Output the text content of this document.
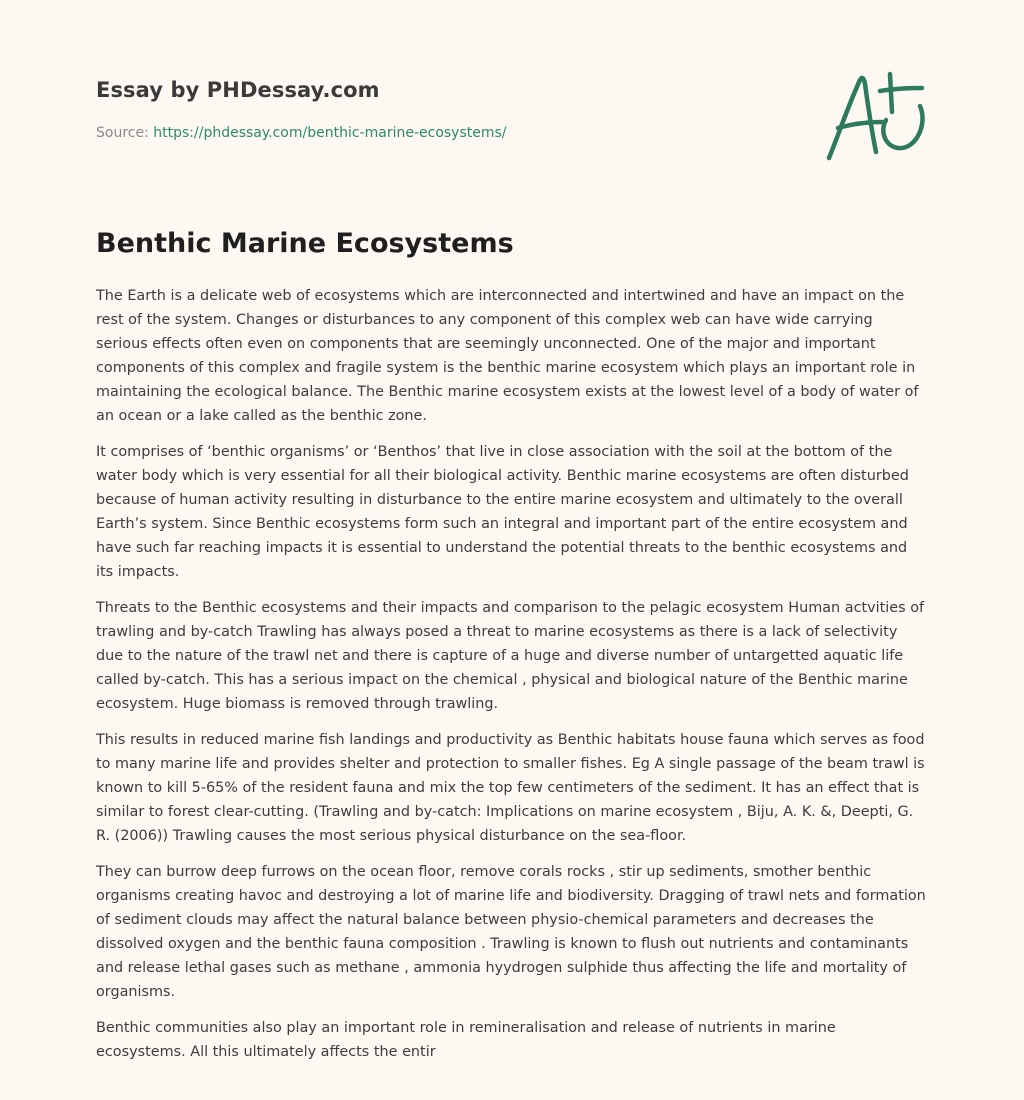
Essay by PHDessay.com
Source: https://phdessay.com/benthic-marine-ecosystems/
Benthic Marine Ecosystems

The Earth is a delicate web of ecosystems which are interconnected and intertwined and have an impact on the rest of the system. Changes or disturbances to any component of this complex web can have wide carrying serious effects often even on components that are seemingly unconnected. One of the major and important components of this complex and fragile system is the benthic marine ecosystem which plays an important role in maintaining the ecological balance. The Benthic marine ecosystem exists at the lowest level of a body of water of an ocean or a lake called as the benthic zone.

It comprises of ‘benthic organisms’ or ‘Benthos’ that live in close association with the soil at the bottom of the water body which is very essential for all their biological activity. Benthic marine ecosystems are often disturbed because of human activity resulting in disturbance to the entire marine ecosystem and ultimately to the overall Earth’s system. Since Benthic ecosystems form such an integral and important part of the entire ecosystem and have such far reaching impacts it is essential to understand the potential threats to the benthic ecosystems and its impacts.

Threats to the Benthic ecosystems and their impacts and comparison to the pelagic ecosystem Human actvities of trawling and by-catch Trawling has always posed a threat to marine ecosystems as there is a lack of selectivity due to the nature of the trawl net and there is capture of a huge and diverse number of untargetted aquatic life called by-catch. This has a serious impact on the chemical , physical and biological nature of the Benthic marine ecosystem. Huge biomass is removed through trawling.

This results in reduced marine fish landings and productivity as Benthic habitats house fauna which serves as food to many marine life and provides shelter and protection to smaller fishes. Eg A single passage of the beam trawl is known to kill 5-65% of the resident fauna and mix the top few centimeters of the sediment. It has an effect that is similar to forest clear-cutting. (Trawling and by-catch: Implications on marine ecosystem , Biju, A. K. &, Deepti, G. R. (2006)) Trawling causes the most serious physical disturbance on the sea-floor.

They can burrow deep furrows on the ocean floor, remove corals rocks , stir up sediments, smother benthic organisms creating havoc and destroying a lot of marine life and biodiversity. Dragging of trawl nets and formation of sediment clouds may affect the natural balance between physio-chemical parameters and decreases the dissolved oxygen and the benthic fauna composition . Trawling is known to flush out nutrients and contaminants and release lethal gases such as methane , ammonia hyydrogen sulphide thus affecting the life and mortality of organisms.

Benthic communities also play an important role in remineralisation and release of nutrients in marine ecosystems. All this ultimately affects the entir
